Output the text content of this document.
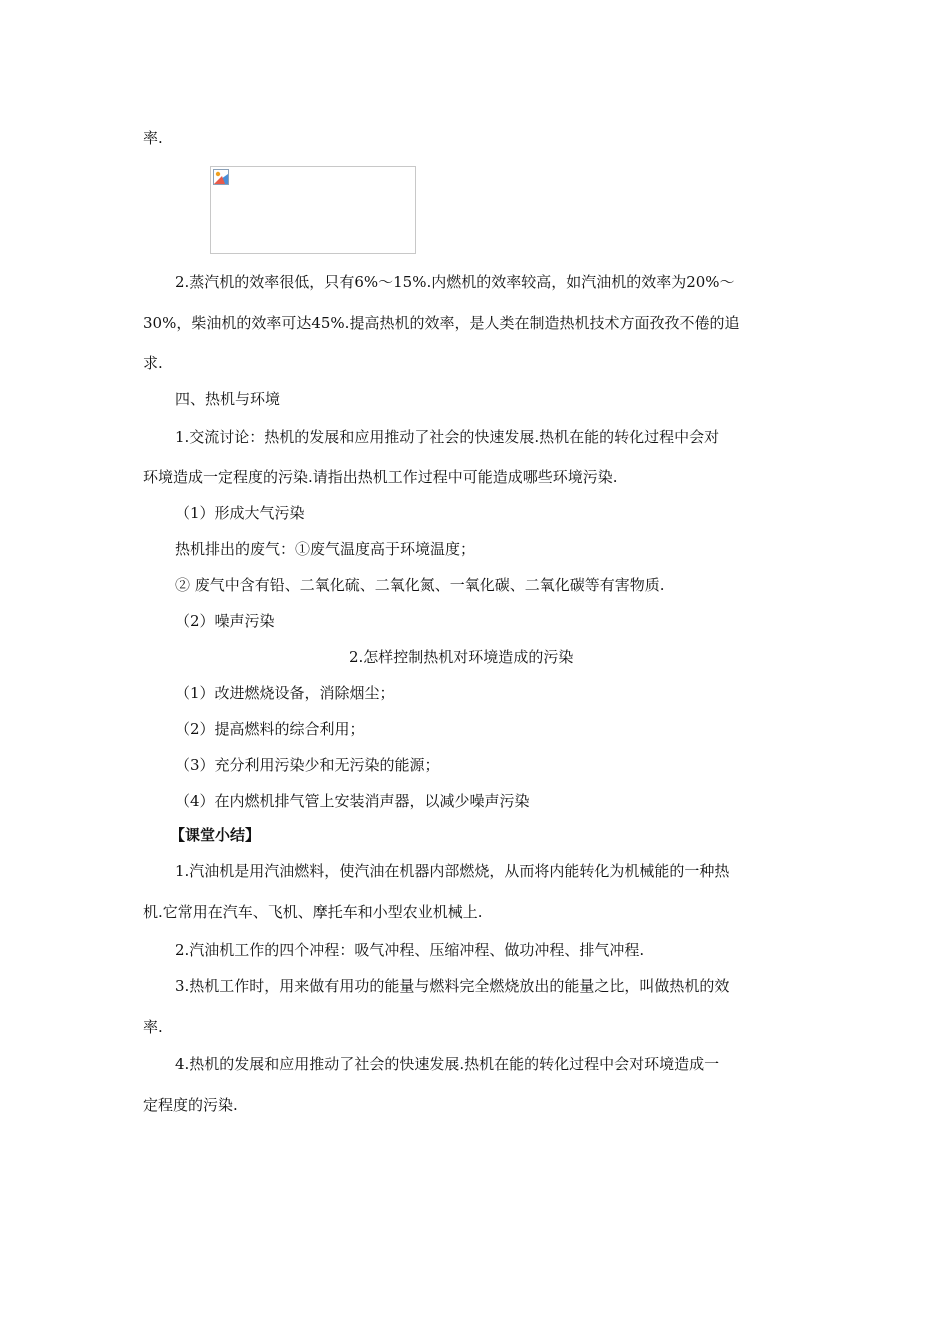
率.
2.蒸汽机的效率很低，只有6%～15%.内燃机的效率较高，如汽油机的效率为20%～
30%，柴油机的效率可达45%.提高热机的效率，是人类在制造热机技术方面孜孜不倦的追
求.
四、热机与环境
1.交流讨论：热机的发展和应用推动了社会的快速发展.热机在能的转化过程中会对
环境造成一定程度的污染.请指出热机工作过程中可能造成哪些环境污染.
（1）形成大气污染
热机排出的废气：①废气温度高于环境温度；
② 废气中含有铅、二氧化硫、二氧化氮、一氧化碳、二氧化碳等有害物质.
（2）噪声污染
2.怎样控制热机对环境造成的污染
（1）改进燃烧设备，消除烟尘；
（2）提高燃料的综合利用；
（3）充分利用污染少和无污染的能源；
（4）在内燃机排气管上安装消声器，以减少噪声污染
【课堂小结】
1.汽油机是用汽油燃料，使汽油在机器内部燃烧，从而将内能转化为机械能的一种热
机.它常用在汽车、飞机、摩托车和小型农业机械上.
2.汽油机工作的四个冲程：吸气冲程、压缩冲程、做功冲程、排气冲程.
3.热机工作时，用来做有用功的能量与燃料完全燃烧放出的能量之比，叫做热机的效
率.
4.热机的发展和应用推动了社会的快速发展.热机在能的转化过程中会对环境造成一
定程度的污染.
